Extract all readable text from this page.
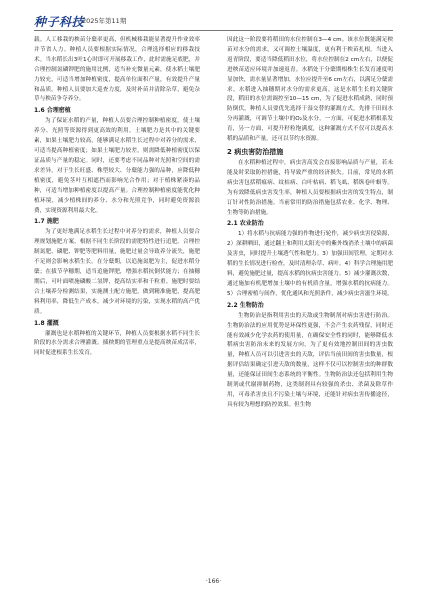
种子科技
2025年第11期

载。人工移栽的秧苗分蘖率更高，但机械移栽能显著提升作业效率并节省人力。种植人员要根据实际情况，合理选择相应的移栽技术。当水稻长出3叶1心时即可开展移栽工作，此时需施足底肥，并合理控制氮磷钾肥的施用比例，适当补充微量元素，使水稻土壤肥力较充，可适当增加种植密度，提高单位面积产量，有效提升产量和品质。种植人员要加大巡查力度，及时补苗并清除杂草，避免杂草与秧苗争夺养分。

1.6 合理密植

为了保证水稻的产量，种植人员要合理控制种植密度，使土壤养分、光照等资源得到更高效的利用。土壤肥力是其中的关键要素，如果土壤肥力较高，能够满足水稻生长过程中对养分的需求，可适当提高种植密度；如果土壤肥力较差，则需降低种植密度以保证品质与产量的稳定。同时，还要考虑不同品种对光照和空间的需求差异，对于生长旺盛、株型较大、分蘖能力强的品种，应降低种植密度，避免茎叶互相遮挡而影响光合作用；对于植株紧凑的品种，可适当增加种植密度以提高产量。合理控制种植密度能优化种植环境，减少植株间的养分、水分和光照竞争，同时避免资源浪费，实现资源利用最大化。

1.7 施肥

为了更好地满足水稻生长过程中对养分的需求，种植人员要合理规划施肥方案，根据不同生长阶段的需肥特性进行追肥。合理控制氮肥、磷肥、钾肥等肥料用量，施肥过量会导致养分流失，施肥不足则会影响水稻生长。在分蘖期，以追施氮肥为主，促进水稻分蘖；在拔节孕穗期，适当追施钾肥，增强水稻抗倒伏能力；在抽穗期后，可叶面喷施磷酸二氢钾，提高结实率和千粒重。施肥时要结合土壤养分检测结果，实施测土配方施肥，做到精准施肥，提高肥料利用率，降低生产成本，减少对环境的污染，实现水稻的高产优质。

1.8 灌溉

灌溉也是水稻种植的关键环节，种植人员要根据水稻不同生长阶段的水分需求合理灌溉。插秧期的管理重点是提高秧苗成活率，同时促进根系生长发育，

因此这一阶段要将稻田的水位控制在3—4 cm。该水位既能满足秧苗对水分的需求，又可调控土壤温度，更有利于秧苗扎根。当进入返青阶段，要适当降低稻田水位，将水位控制在2 cm左右，以便促进秧苗适应环境并加速返青。水稻处于分蘖期根株生长发育速度明显加快，需水量显著增加，水位应提升至6 cm左右，以满足分蘖需求。水稻进入抽穗期对水分的需求更高，这是水稻生长的关键阶段，稻田的水位需调控至10—15 cm，为了促进水稻成熟，同时预防倒伏，种植人员要优先选择干湿交替的灌溉方式，先排干田间水分再灌溉，可调节土壤中的O₂及水分，一方面，可促进水稻根系发育，另一方面，可提升籽粒饱满度，这种灌溉方式不仅可以提高水稻的品质和产量，还可以节约水资源。

2 病虫害防治措施

在水稻种植过程中，病虫害高发会直接影响品质与产量，若未能及时采取防控措施，将导致严重的经济损失。目前，常见的水稻病虫害包括稻瘟病、纹枯病、白叶枯病、稻飞虱、稻纵卷叶螟等。为有效降低病虫害发生率，种植人员要根据病虫害的发生特点，制订针对性防治措施。当前常用的防治措施包括农业、化学、物理、生物等防治措施。

2.1 农业防治

1）将水稻与抗病能力强的作物进行轮作，减少病虫害侵染源，2）深耕晒田，通过翻土和利用太阳光中的紫外线消杀土壤中的病菌及害虫，同时提升土壤透气性和肥力。3）加强田间管理，定期对水稻的生长情况进行检查，及时清理杂草、病叶。4）科学合理施用肥料，避免施肥过量，提高水稻的抗病虫害能力。5）减少灌溉次数，通过施加有机肥增加土壤中的有机质含量，增强水稻的抗病能力。5）合理密植与间作，优化通风和光照条件，减少病虫害滋生环境。

2.2 生物防治

生物防治是指利用害虫的天敌或生物制剂对病虫害进行防治。生物防治法的应用优势是环保性更强，不会产生农药残留，同时还能有效减少化学农药的使用量，在确保安全性的同时，能够降低水稻病虫害防治未来的发展方向。为了更有效地控制田间的害虫数量，种植人员可以引进害虫的天敌，评估当前田间的害虫数量，根据评估结果确定引进天敌的数量，这样不仅可以控制害虫的种群数量，还能保证田间生态系统的平衡性。生物防治法还包括利用生物制剂或代谢抑制药物，这类制剂具有较强的杀虫、杀菌及除草作用，可毒杀害虫且不污染土壤与环境，还能针对病虫害传播途径，具有较为理想的防控效果。但生物

·166·
